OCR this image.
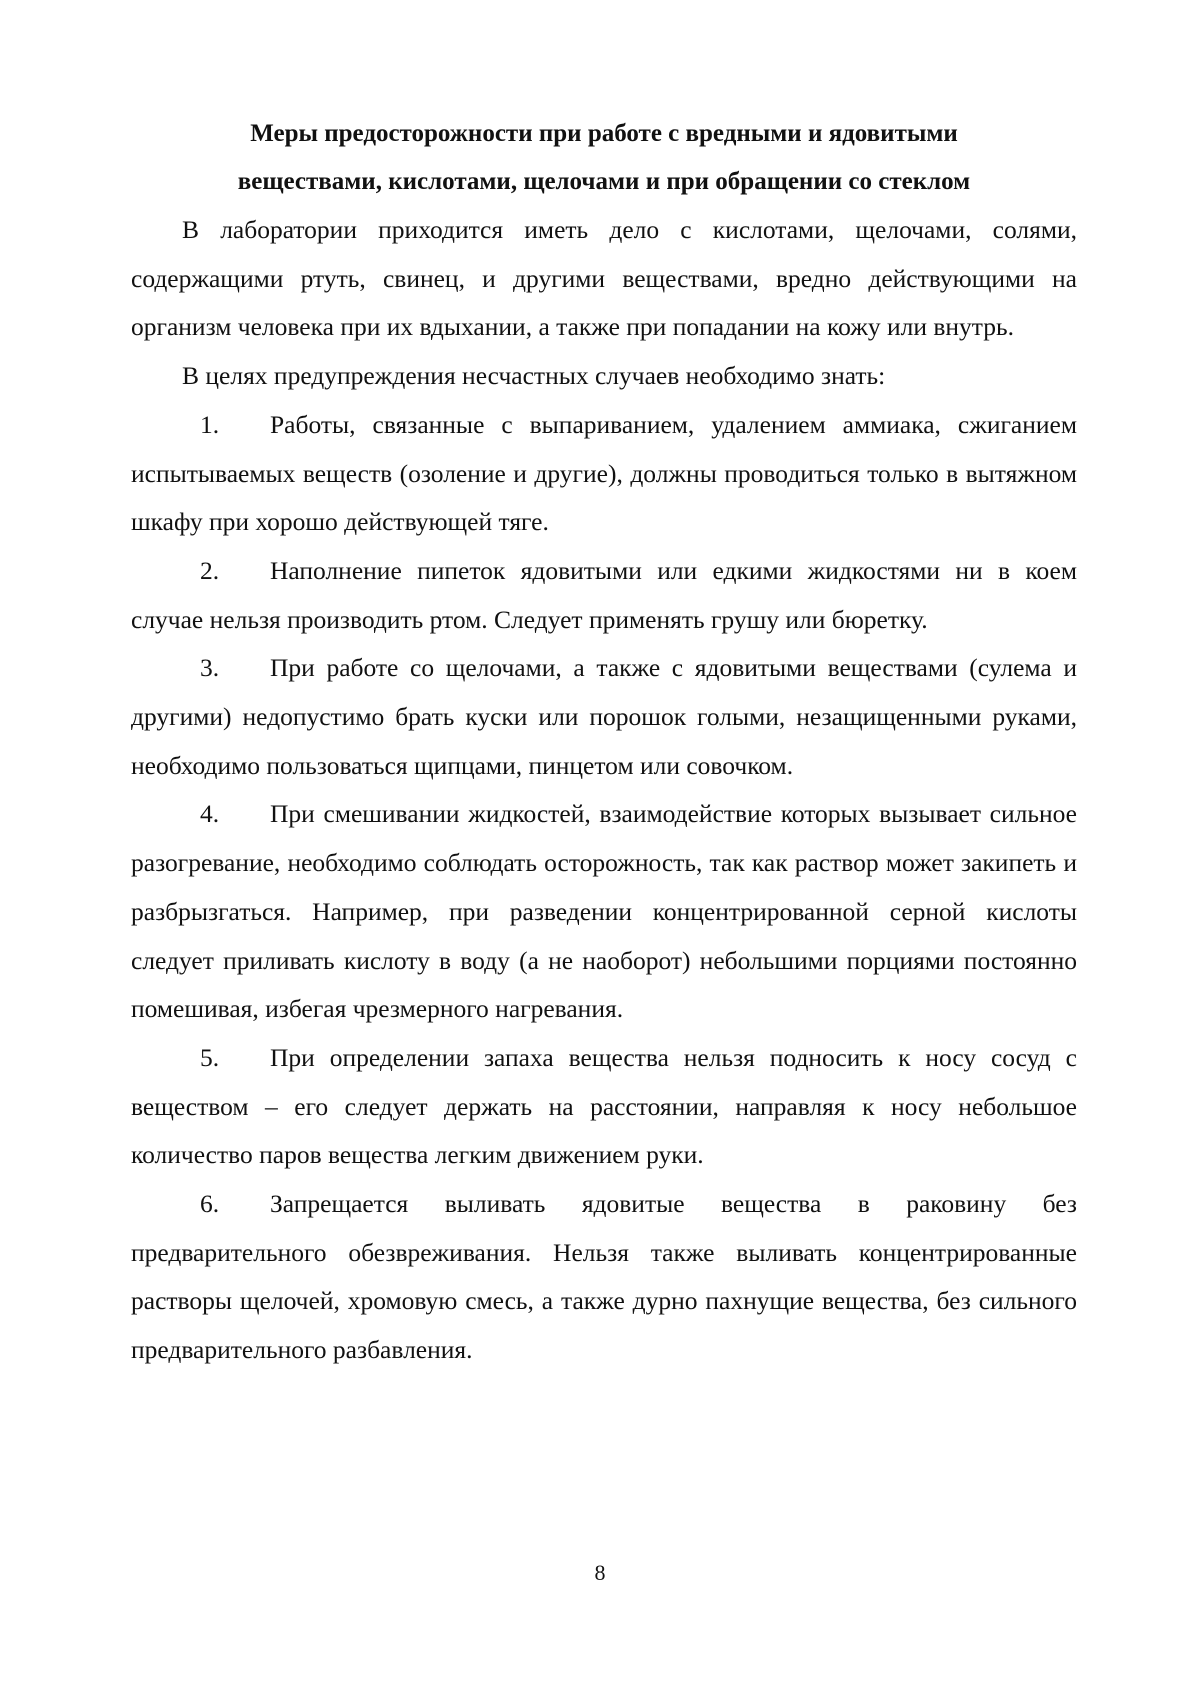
Меры предосторожности при работе с вредными и ядовитыми
веществами, кислотами, щелочами и при обращении со стеклом

В лаборатории приходится иметь дело с кислотами, щелочами, солями, содержащими ртуть, свинец, и другими веществами, вредно действующими на организм человека при их вдыхании, а также при попадании на кожу или внутрь.

В целях предупреждения несчастных случаев необходимо знать:

1. Работы, связанные с выпариванием, удалением аммиака, сжиганием испытываемых веществ (озоление и другие), должны проводиться только в вытяжном шкафу при хорошо действующей тяге.

2. Наполнение пипеток ядовитыми или едкими жидкостями ни в коем случае нельзя производить ртом. Следует применять грушу или бюретку.

3. При работе со щелочами, а также с ядовитыми веществами (сулема и другими) недопустимо брать куски или порошок голыми, незащищенными руками, необходимо пользоваться щипцами, пинцетом или совочком.

4. При смешивании жидкостей, взаимодействие которых вызывает сильное разогревание, необходимо соблюдать осторожность, так как раствор может закипеть и разбрызгаться. Например, при разведении концентрированной серной кислоты следует приливать кислоту в воду (а не наоборот) небольшими порциями постоянно помешивая, избегая чрезмерного нагревания.

5. При определении запаха вещества нельзя подносить к носу сосуд с веществом – его следует держать на расстоянии, направляя к носу небольшое количество паров вещества легким движением руки.

6. Запрещается выливать ядовитые вещества в раковину без предварительного обезвреживания. Нельзя также выливать концентрированные растворы щелочей, хромовую смесь, а также дурно пахнущие вещества, без сильного предварительного разбавления.

8
